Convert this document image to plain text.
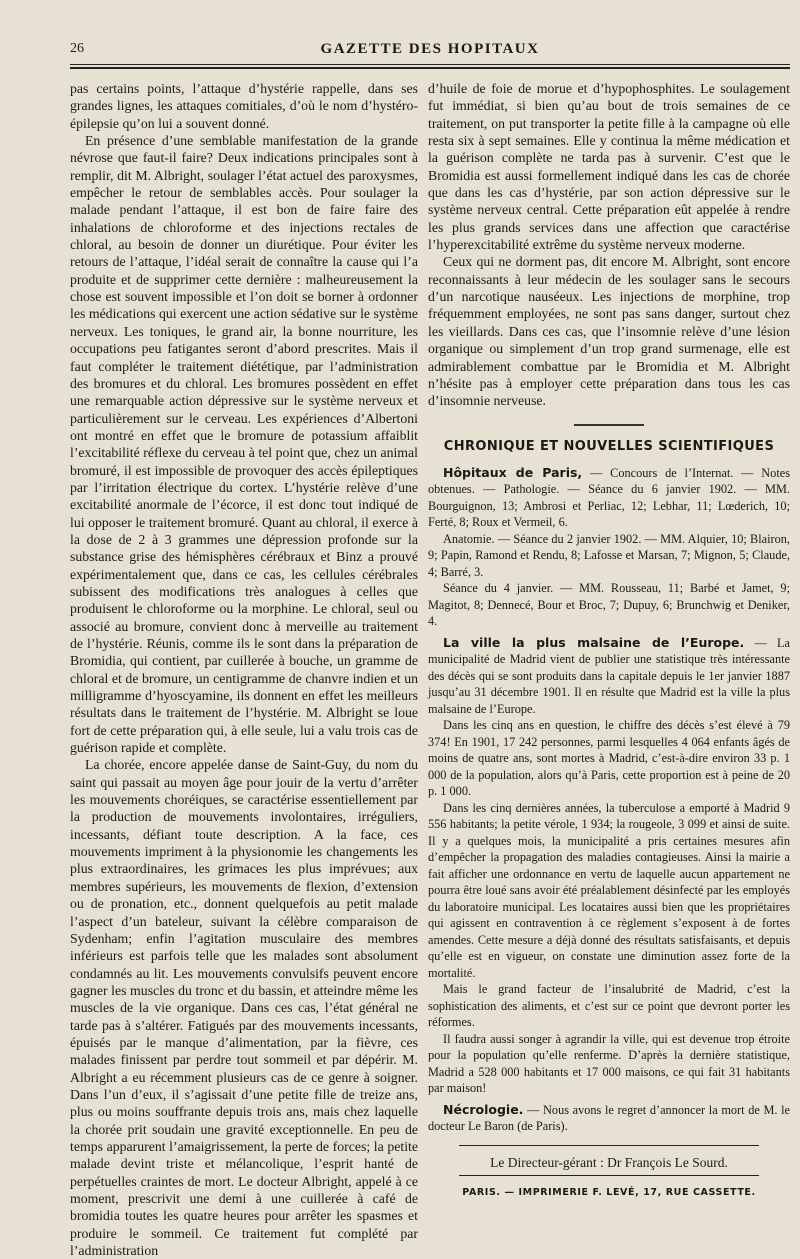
26	GAZETTE DES HOPITAUX

pas certains points, l’attaque d’hystérie rappelle, dans ses grandes lignes, les attaques comitiales, d’où le nom d’hystéro-épilepsie qu’on lui a souvent donné.

En présence d’une semblable manifestation de la grande névrose que faut-il faire? Deux indications principales sont à remplir, dit M. Albright, soulager l’état actuel des paroxysmes, empêcher le retour de semblables accès. Pour soulager la malade pendant l’attaque, il est bon de faire faire des inhalations de chloroforme et des injections rectales de chloral, au besoin de donner un diurétique. Pour éviter les retours de l’attaque, l’idéal serait de connaître la cause qui l’a produite et de supprimer cette dernière : malheureusement la chose est souvent impossible et l’on doit se borner à ordonner les médications qui exercent une action sédative sur le système nerveux. Les toniques, le grand air, la bonne nourriture, les occupations peu fatigantes seront d’abord prescrites. Mais il faut compléter le traitement diététique, par l’administration des bromures et du chloral. Les bromures possèdent en effet une remarquable action dépressive sur le système nerveux et particulièrement sur le cerveau. Les expériences d’Albertoni ont montré en effet que le bromure de potassium affaiblit l’excitabilité réflexe du cerveau à tel point que, chez un animal bromuré, il est impossible de provoquer des accès épileptiques par l’irritation électrique du cortex. L’hystérie relève d’une excitabilité anormale de l’écorce, il est donc tout indiqué de lui opposer le traitement bromuré. Quant au chloral, il exerce à la dose de 2 à 3 grammes une dépression profonde sur la substance grise des hémisphères cérébraux et Binz a prouvé expérimentalement que, dans ce cas, les cellules cérébrales subissent des modifications très analogues à celles que produisent le chloroforme ou la morphine. Le chloral, seul ou associé au bromure, convient donc à merveille au traitement de l’hystérie. Réunis, comme ils le sont dans la préparation de Bromidia, qui contient, par cuillerée à bouche, un gramme de chloral et de bromure, un centigramme de chanvre indien et un milligramme d’hyoscyamine, ils donnent en effet les meilleurs résultats dans le traitement de l’hystérie. M. Albright se loue fort de cette préparation qui, à elle seule, lui a valu trois cas de guérison rapide et complète.

La chorée, encore appelée danse de Saint-Guy, du nom du saint qui passait au moyen âge pour jouir de la vertu d’arrêter les mouvements choréiques, se caractérise essentiellement par la production de mouvements involontaires, irréguliers, incessants, défiant toute description. A la face, ces mouvements impriment à la physionomie les changements les plus extraordinaires, les grimaces les plus imprévues; aux membres supérieurs, les mouvements de flexion, d’extension ou de pronation, etc., donnent quelquefois au petit malade l’aspect d’un bateleur, suivant la célèbre comparaison de Sydenham; enfin l’agitation musculaire des membres inférieurs est parfois telle que les malades sont absolument condamnés au lit. Les mouvements convulsifs peuvent encore gagner les muscles du tronc et du bassin, et atteindre même les muscles de la vie organique. Dans ces cas, l’état général ne tarde pas à s’altérer. Fatigués par des mouvements incessants, épuisés par le manque d’alimentation, par la fièvre, ces malades finissent par perdre tout sommeil et par dépérir. M. Albright a eu récemment plusieurs cas de ce genre à soigner. Dans l’un d’eux, il s’agissait d’une petite fille de treize ans, plus ou moins souffrante depuis trois ans, mais chez laquelle la chorée prit soudain une gravité exceptionnelle. En peu de temps apparurent l’amaigrissement, la perte de forces; la petite malade devint triste et mélancolique, l’esprit hanté de perpétuelles craintes de mort. Le docteur Albright, appelé à ce moment, prescrivit une demi à une cuillerée à café de bromidia toutes les quatre heures pour arrêter les spasmes et produire le sommeil. Ce traitement fut complété par l’administration

d’huile de foie de morue et d’hypophosphites. Le soulagement fut immédiat, si bien qu’au bout de trois semaines de ce traitement, on put transporter la petite fille à la campagne où elle resta six à sept semaines. Elle y continua la même médication et la guérison complète ne tarda pas à survenir. C’est que le Bromidia est aussi formellement indiqué dans les cas de chorée que dans les cas d’hystérie, par son action dépressive sur le système nerveux central. Cette préparation eût appelée à rendre les plus grands services dans une affection que caractérise l’hyperexcitabilité extrême du système nerveux moderne.

Ceux qui ne dorment pas, dit encore M. Albright, sont encore reconnaissants à leur médecin de les soulager sans le secours d’un narcotique nauséeux. Les injections de morphine, trop fréquemment employées, ne sont pas sans danger, surtout chez les vieillards. Dans ces cas, que l’insomnie relève d’une lésion organique ou simplement d’un trop grand surmenage, elle est admirablement combattue par le Bromidia et M. Albright n’hésite pas à employer cette préparation dans tous les cas d’insomnie nerveuse.

CHRONIQUE ET NOUVELLES SCIENTIFIQUES

Hôpitaux de Paris, — Concours de l’Internat. — Notes obtenues. — Pathologie. — Séance du 6 janvier 1902. — MM. Bourguignon, 13; Ambrosi et Perliac, 12; Lebhar, 11; Lœderich, 10; Ferté, 8; Roux et Vermeil, 6.

Anatomie. — Séance du 2 janvier 1902. — MM. Alquier, 10; Blairon, 9; Papin, Ramond et Rendu, 8; Lafosse et Marsan, 7; Mignon, 5; Claude, 4; Barré, 3.

Séance du 4 janvier. — MM. Rousseau, 11; Barbé et Jamet, 9; Magitot, 8; Dennecé, Bour et Broc, 7; Dupuy, 6; Brunchwig et Deniker, 4.

La ville la plus malsaine de l’Europe. — La municipalité de Madrid vient de publier une statistique très intéressante des décès qui se sont produits dans la capitale depuis le 1er janvier 1887 jusqu’au 31 décembre 1901. Il en résulte que Madrid est la ville la plus malsaine de l’Europe.

Dans les cinq ans en question, le chiffre des décès s’est élevé à 79 374! En 1901, 17 242 personnes, parmi lesquelles 4 064 enfants âgés de moins de quatre ans, sont mortes à Madrid, c’est-à-dire environ 33 p. 1 000 de la population, alors qu’à Paris, cette proportion est à peine de 20 p. 1 000.

Dans les cinq dernières années, la tuberculose a emporté à Madrid 9 556 habitants; la petite vérole, 1 934; la rougeole, 3 099 et ainsi de suite. Il y a quelques mois, la municipalité a pris certaines mesures afin d’empêcher la propagation des maladies contagieuses. Ainsi la mairie a fait afficher une ordonnance en vertu de laquelle aucun appartement ne pourra être loué sans avoir été préalablement désinfecté par les employés du laboratoire municipal. Les locataires aussi bien que les propriétaires qui agissent en contravention à ce règlement s’exposent à de fortes amendes. Cette mesure a déjà donné des résultats satisfaisants, et depuis qu’elle est en vigueur, on constate une diminution assez forte de la mortalité.

Mais le grand facteur de l’insalubrité de Madrid, c’est la sophistication des aliments, et c’est sur ce point que devront porter les réformes.

Il faudra aussi songer à agrandir la ville, qui est devenue trop étroite pour la population qu’elle renferme. D’après la dernière statistique, Madrid a 528 000 habitants et 17 000 maisons, ce qui fait 31 habitants par maison!

Nécrologie. — Nous avons le regret d’annoncer la mort de M. le docteur Le Baron (de Paris).

Le Directeur-gérant : Dr François Le Sourd.
PARIS. — IMPRIMERIE F. LEVÉ, 17, RUE CASSETTE.
